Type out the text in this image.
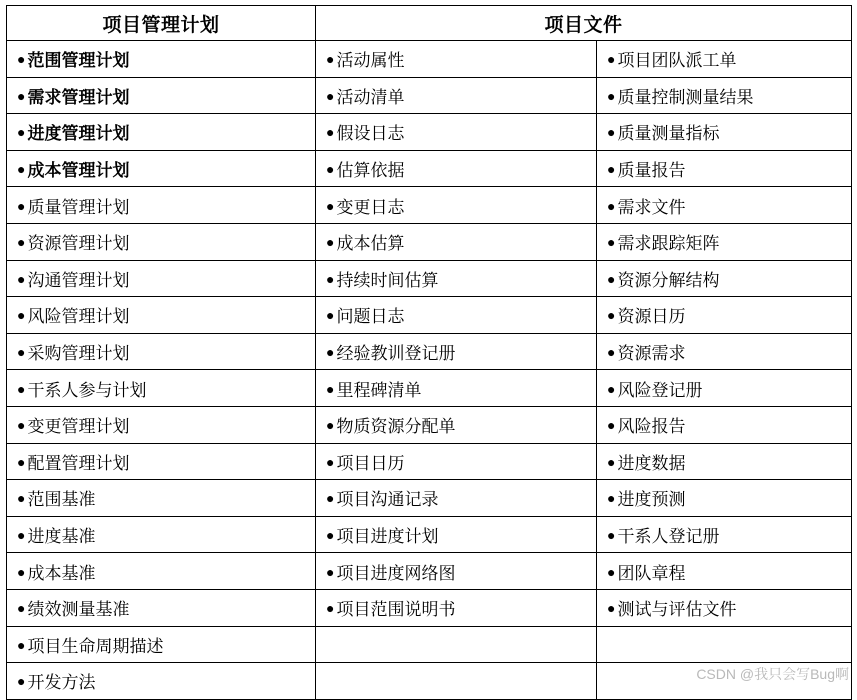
项目管理计划	项目文件	
● 范围管理计划	● 活动属性	● 项目团队派工单
● 需求管理计划	● 活动清单	● 质量控制测量结果
● 进度管理计划	● 假设日志	● 质量测量指标
● 成本管理计划	● 估算依据	● 质量报告
● 质量管理计划	● 变更日志	● 需求文件
● 资源管理计划	● 成本估算	● 需求跟踪矩阵
● 沟通管理计划	● 持续时间估算	● 资源分解结构
● 风险管理计划	● 问题日志	● 资源日历
● 采购管理计划	● 经验教训登记册	● 资源需求
● 干系人参与计划	● 里程碑清单	● 风险登记册
● 变更管理计划	● 物质资源分配单	● 风险报告
● 配置管理计划	● 项目日历	● 进度数据
● 范围基准	● 项目沟通记录	● 进度预测
● 进度基准	● 项目进度计划	● 干系人登记册
● 成本基准	● 项目进度网络图	● 团队章程
● 绩效测量基准	● 项目范围说明书	● 测试与评估文件
● 项目生命周期描述		
● 开发方法			CSDN @我只会写Bug啊
